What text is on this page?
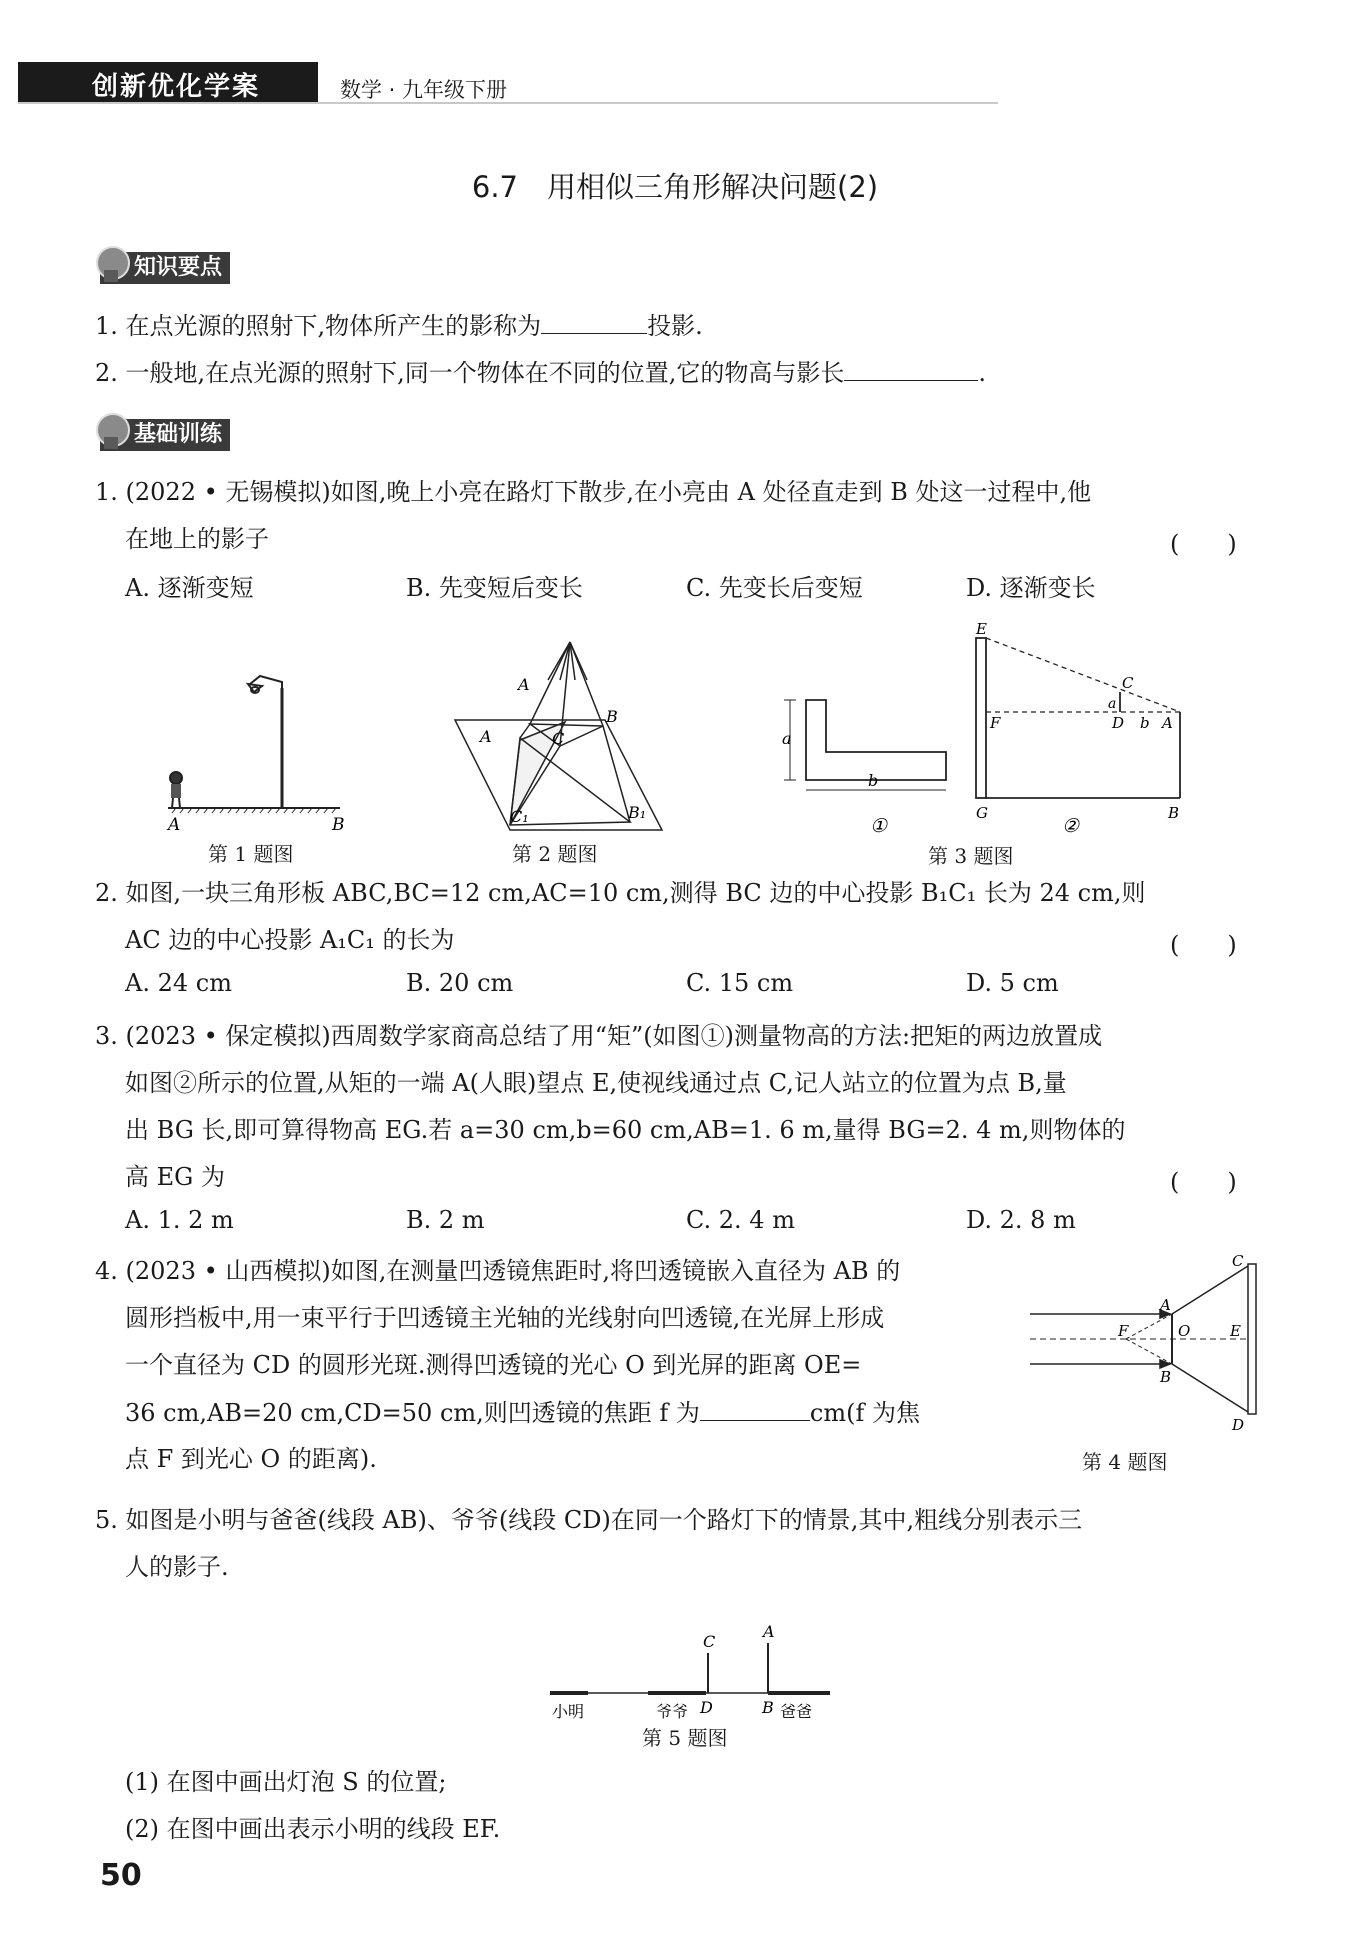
创新优化学案	数学 · 九年级下册
6.7　用相似三角形解决问题(2)
知识要点
1. 在点光源的照射下,物体所产生的影称为	投影.
2. 一般地,在点光源的照射下,同一个物体在不同的位置,它的物高与影长	.
基础训练
1. (2022 • 无锡模拟)如图,晚上小亮在路灯下散步,在小亮由 A 处径直走到 B 处这一过程中,他
在地上的影子	(　　)
A. 逐渐变短	B. 先变短后变长	C. 先变长后变短	D. 逐渐变长
A	B
A
B
C
A
C₁	B₁
a
b
①
E
C
a
F	D b A
G	B
②
第 1 题图	第 2 题图	第 3 题图
2. 如图,一块三角形板 ABC,BC=12 cm,AC=10 cm,测得 BC 边的中心投影 B₁C₁ 长为 24 cm,则
AC 边的中心投影 A₁C₁ 的长为	(　　)
A. 24 cm	B. 20 cm	C. 15 cm	D. 5 cm
3. (2023 • 保定模拟)西周数学家商高总结了用“矩”(如图①)测量物高的方法:把矩的两边放置成
如图②所示的位置,从矩的一端 A(人眼)望点 E,使视线通过点 C,记人站立的位置为点 B,量
出 BG 长,即可算得物高 EG.若 a=30 cm,b=60 cm,AB=1. 6 m,量得 BG=2. 4 m,则物体的
高 EG 为	(　　)
A. 1. 2 m	B. 2 m	C. 2. 4 m	D. 2. 8 m
4. (2023 • 山西模拟)如图,在测量凹透镜焦距时,将凹透镜嵌入直径为 AB 的
圆形挡板中,用一束平行于凹透镜主光轴的光线射向凹透镜,在光屏上形成
一个直径为 CD 的圆形光斑.测得凹透镜的光心 O 到光屏的距离 OE=
36 cm,AB=20 cm,CD=50 cm,则凹透镜的焦距 f 为	cm(f 为焦
点 F 到光心 O 的距离).
A
B
F	O	E
C
D
第 4 题图
5. 如图是小明与爸爸(线段 AB)、爷爷(线段 CD)在同一个路灯下的情景,其中,粗线分别表示三
人的影子.
C
A
D	B
小明	爷爷	爸爸
第 5 题图
(1) 在图中画出灯泡 S 的位置;
(2) 在图中画出表示小明的线段 EF.
50
